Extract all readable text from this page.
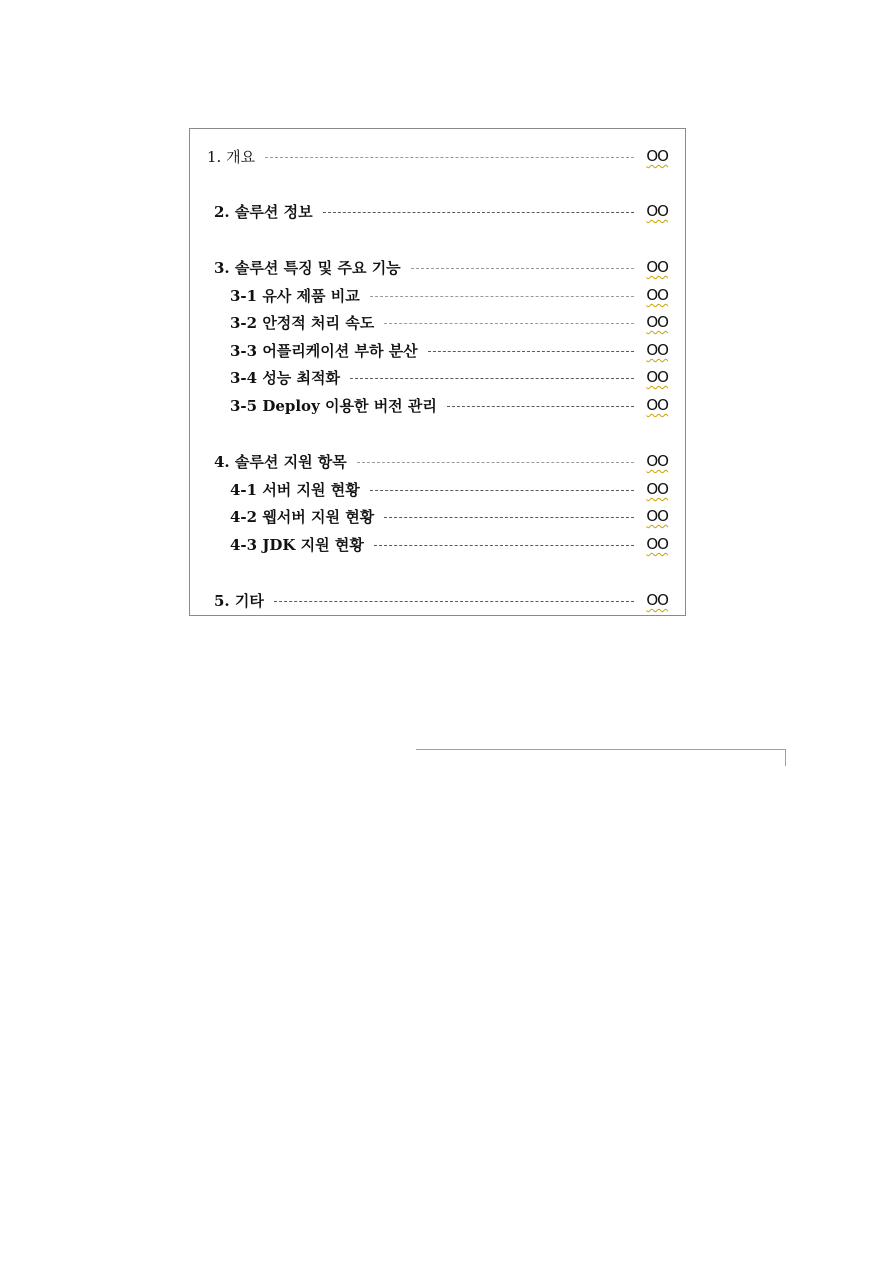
1. 개요	OO
2. 솔루션 정보	OO
3. 솔루션 특징 및 주요 기능	OO
3-1 유사 제품 비교	OO
3-2 안정적 처리 속도	OO
3-3 어플리케이션 부하 분산	OO
3-4 성능 최적화	OO
3-5 Deploy 이용한 버전 관리	OO
4. 솔루션 지원 항목	OO
4-1 서버 지원 현황	OO
4-2 웹서버 지원 현황	OO
4-3 JDK 지원 현황	OO
5. 기타	OO
